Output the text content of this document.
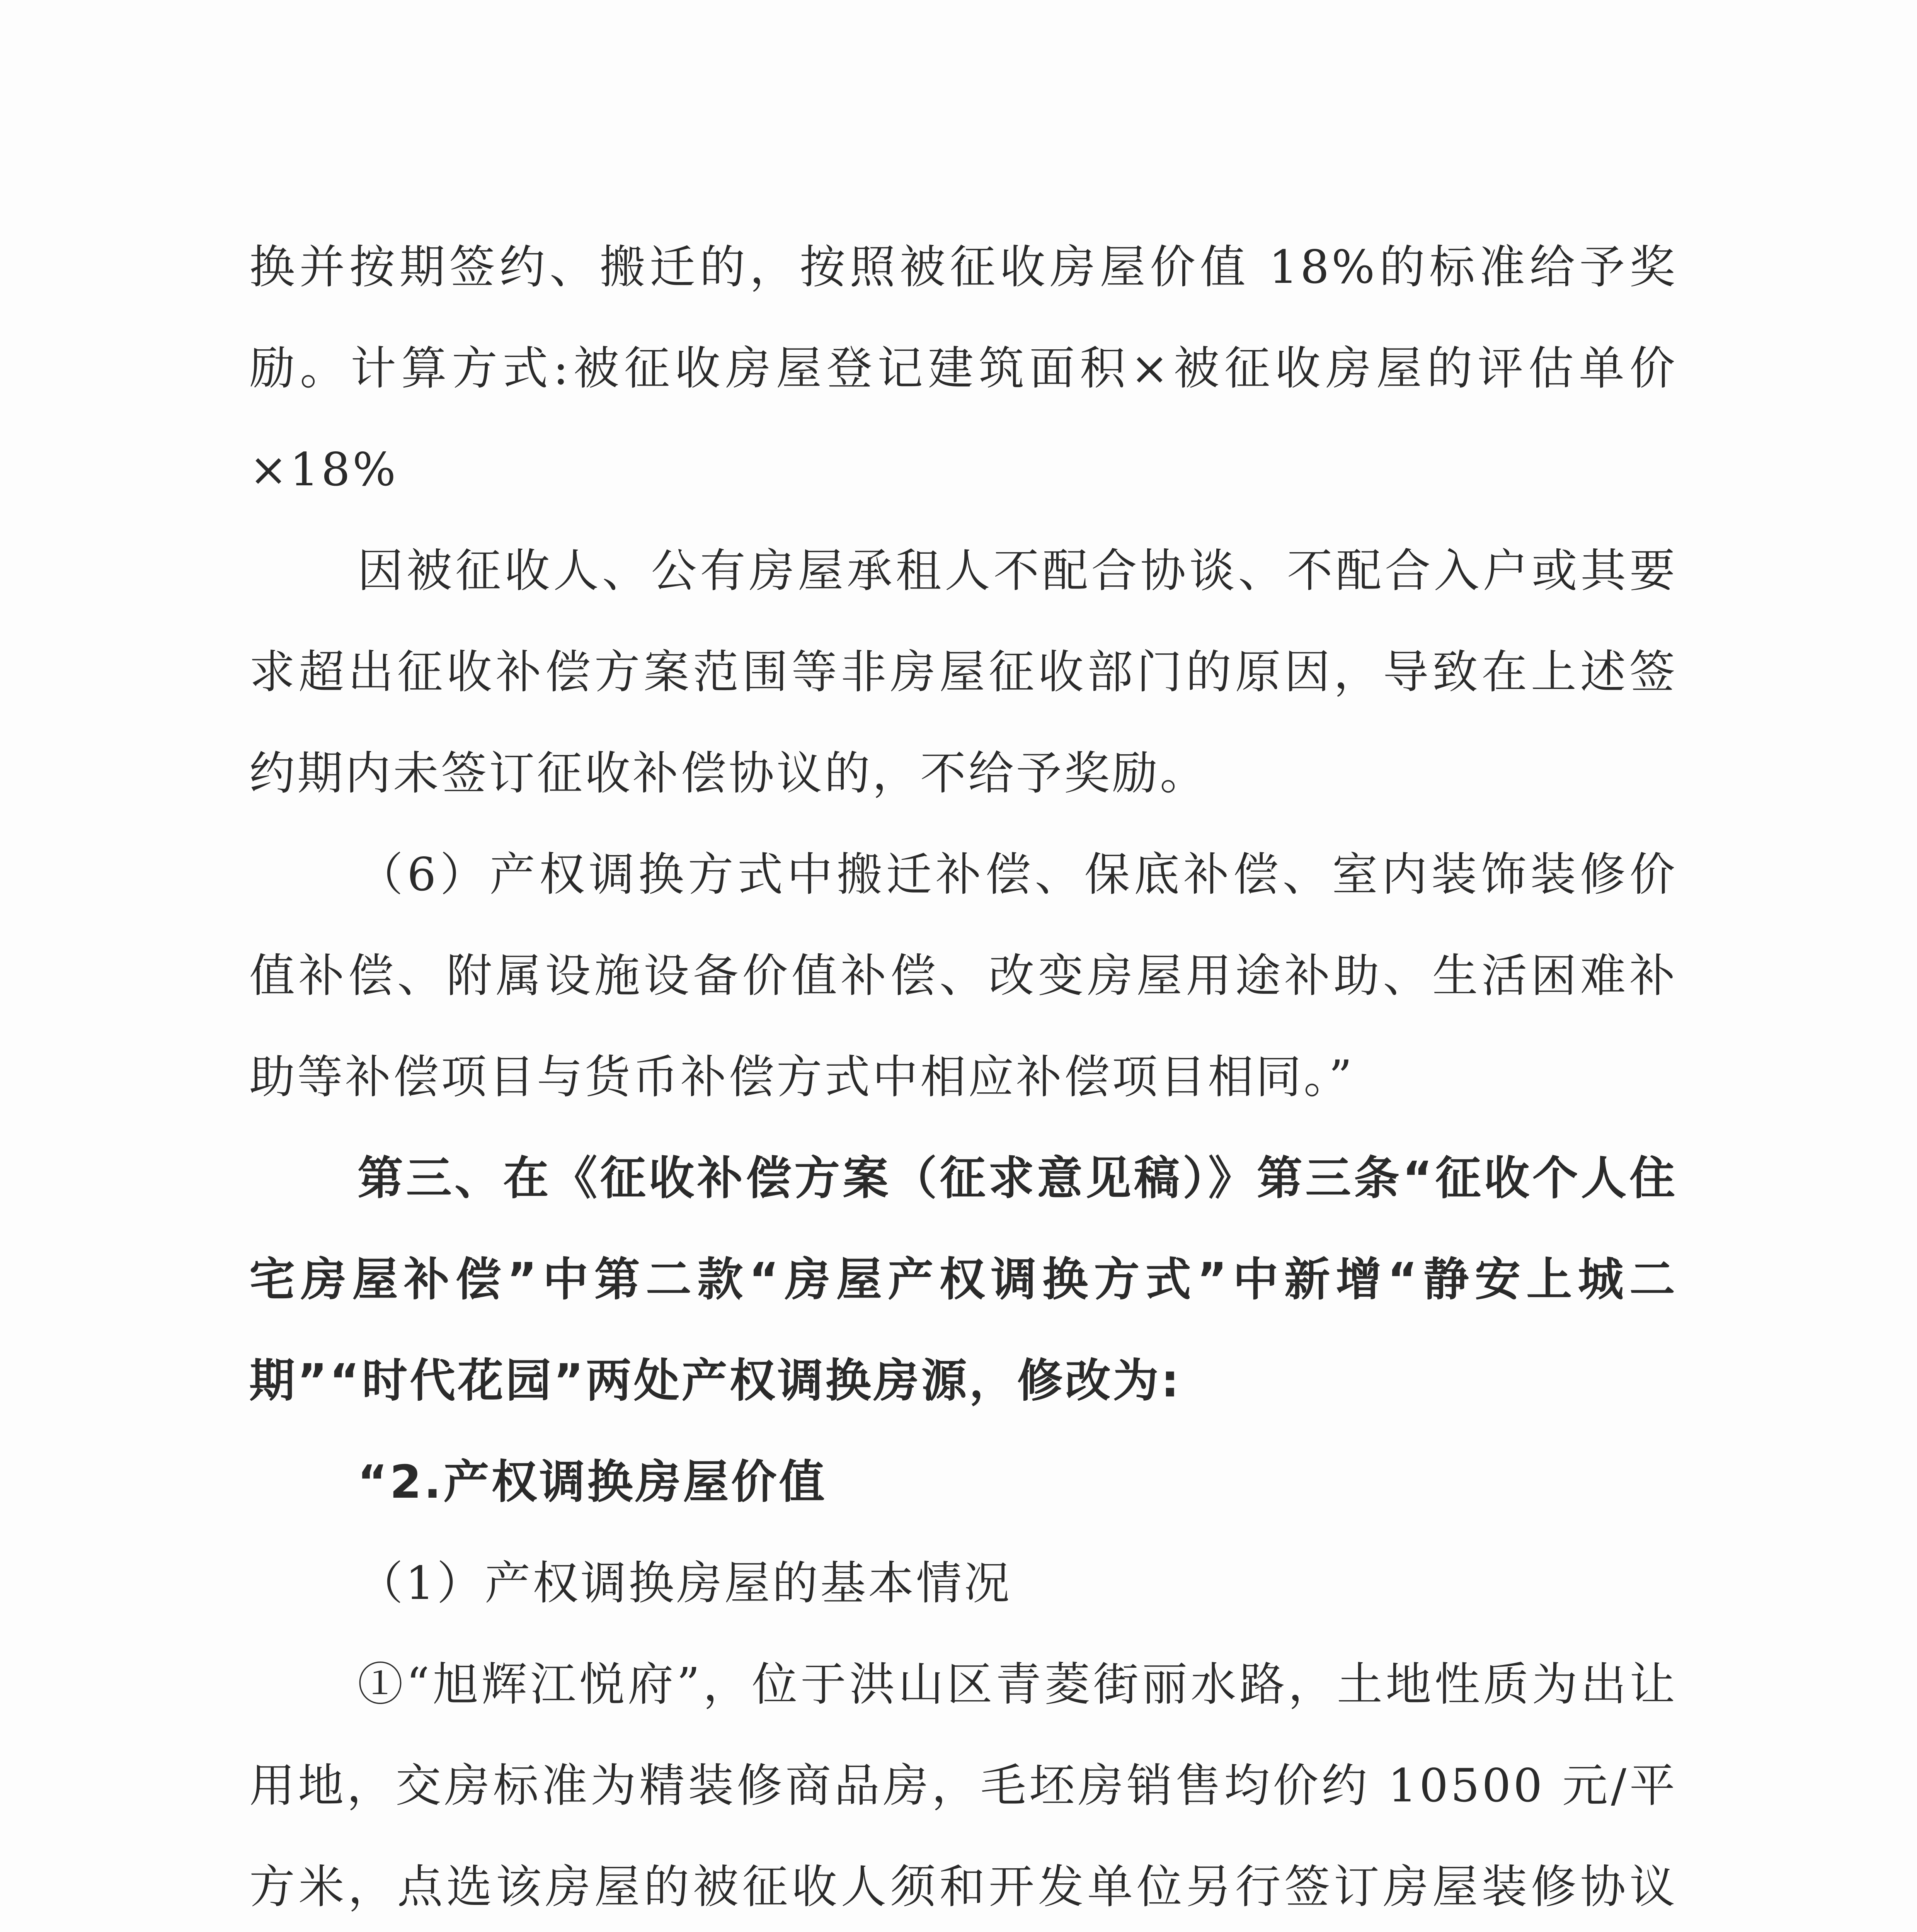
换并按期签约、搬迁的，按照被征收房屋价值 18%的标准给予奖励。计算方式:被征收房屋登记建筑面积×被征收房屋的评估单价×18%

因被征收人、公有房屋承租人不配合协谈、不配合入户或其要求超出征收补偿方案范围等非房屋征收部门的原因，导致在上述签约期内未签订征收补偿协议的，不给予奖励。

（6）产权调换方式中搬迁补偿、保底补偿、室内装饰装修价值补偿、附属设施设备价值补偿、改变房屋用途补助、生活困难补助等补偿项目与货币补偿方式中相应补偿项目相同。”

第三、在《征收补偿方案（征求意见稿）》第三条“征收个人住宅房屋补偿”中第二款“房屋产权调换方式”中新增“静安上城二期”“时代花园”两处产权调换房源，修改为:

“2.产权调换房屋价值

（1）产权调换房屋的基本情况

①“旭辉江悦府”，位于洪山区青菱街丽水路，土地性质为出让用地，交房标准为精装修商品房，毛坯房销售均价约 10500 元/平方米，点选该房屋的被征收人须和开发单位另行签订房屋装修协议
